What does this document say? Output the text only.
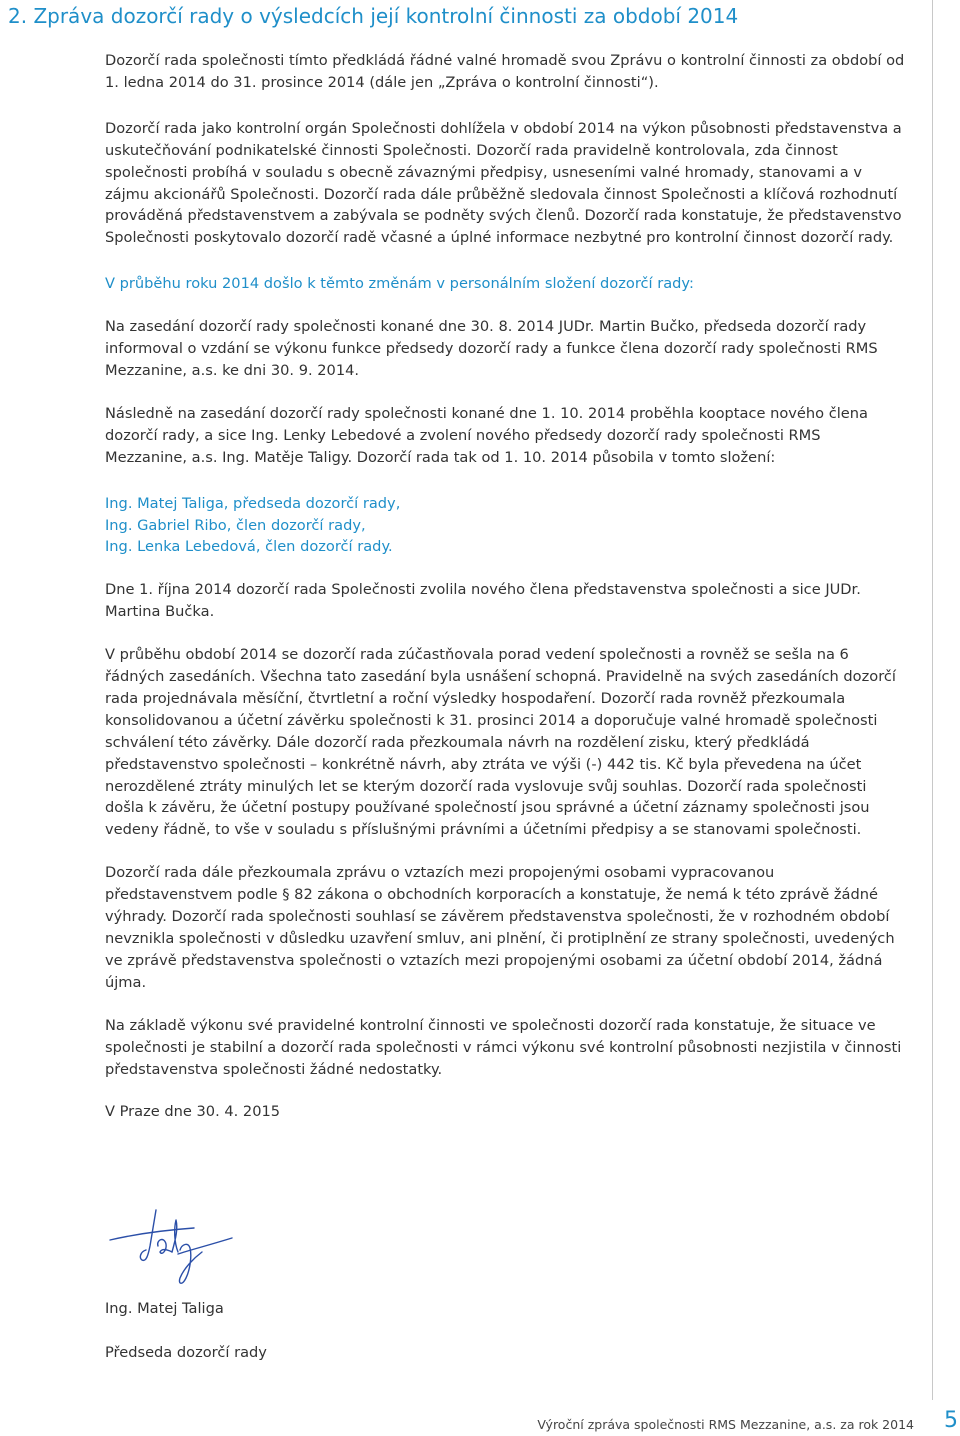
2. Zpráva dozorčí rady o výsledcích její kontrolní činnosti za období 2014

Dozorčí rada společnosti tímto předkládá řádné valné hromadě svou Zprávu o kontrolní činnosti za období od 1. ledna 2014 do 31. prosince 2014 (dále jen „Zpráva o kontrolní činnosti“).

Dozorčí rada jako kontrolní orgán Společnosti dohlížela v období 2014 na výkon působnosti představenstva a uskutečňování podnikatelské činnosti Společnosti. Dozorčí rada pravidelně kontrolovala, zda činnost společnosti probíhá v souladu s obecně závaznými předpisy, usneseními valné hromady, stanovami a v zájmu akcionářů Společnosti. Dozorčí rada dále průběžně sledovala činnost Společnosti a klíčová rozhodnutí prováděná představenstvem a zabývala se podněty svých členů. Dozorčí rada konstatuje, že představenstvo Společnosti poskytovalo dozorčí radě včasné a úplné informace nezbytné pro kontrolní činnost dozorčí rady.

V průběhu roku 2014 došlo k těmto změnám v personálním složení dozorčí rady:

Na zasedání dozorčí rady společnosti konané dne 30. 8. 2014 JUDr. Martin Bučko, předseda dozorčí rady informoval o vzdání se výkonu funkce předsedy dozorčí rady a funkce člena dozorčí rady společnosti RMS Mezzanine, a.s. ke dni 30. 9. 2014.

Následně na zasedání dozorčí rady společnosti konané dne 1. 10. 2014 proběhla kooptace nového člena dozorčí rady, a sice Ing. Lenky Lebedové a zvolení nového předsedy dozorčí rady společnosti RMS Mezzanine, a.s. Ing. Matěje Taligy. Dozorčí rada tak od 1. 10. 2014 působila v tomto složení:

Ing. Matej Taliga, předseda dozorčí rady,

Ing. Gabriel Ribo, člen dozorčí rady,

Ing. Lenka Lebedová, člen dozorčí rady.

Dne 1. října 2014 dozorčí rada Společnosti zvolila nového člena představenstva společnosti a sice JUDr. Martina Bučka.

V průběhu období 2014 se dozorčí rada zúčastňovala porad vedení společnosti a rovněž se sešla na 6 řádných zasedáních. Všechna tato zasedání byla usnášení schopná. Pravidelně na svých zasedáních dozorčí rada projednávala měsíční, čtvrtletní a roční výsledky hospodaření. Dozorčí rada rovněž přezkoumala konsolidovanou a účetní závěrku společnosti k 31. prosinci 2014 a doporučuje valné hromadě společnosti schválení této závěrky. Dále dozorčí rada přezkoumala návrh na rozdělení zisku, který předkládá představenstvo společnosti – konkrétně návrh, aby ztráta ve výši (-) 442 tis. Kč byla převedena na účet nerozdělené ztráty minulých let se kterým dozorčí rada vyslovuje svůj souhlas. Dozorčí rada společnosti došla k závěru, že účetní postupy používané společností jsou správné a účetní záznamy společnosti jsou vedeny řádně, to vše v souladu s příslušnými právními a účetními předpisy a se stanovami společnosti.

Dozorčí rada dále přezkoumala zprávu o vztazích mezi propojenými osobami vypracovanou představenstvem podle § 82 zákona o obchodních korporacích a konstatuje, že nemá k této zprávě žádné výhrady. Dozorčí rada společnosti souhlasí se závěrem představenstva společnosti, že v rozhodném období nevznikla společnosti v důsledku uzavření smluv, ani plnění, či protiplnění ze strany společnosti, uvedených ve zprávě představenstva společnosti o vztazích mezi propojenými osobami za účetní období 2014, žádná újma.

Na základě výkonu své pravidelné kontrolní činnosti ve společnosti dozorčí rada konstatuje, že situace ve společnosti je stabilní a dozorčí rada společnosti v rámci výkonu své kontrolní působnosti nezjistila v činnosti představenstva společnosti žádné nedostatky.

V Praze dne 30. 4. 2015

Ing. Matej Taliga
Předseda dozorčí rady
Výroční zpráva společnosti RMS Mezzanine, a.s. za rok 2014 5
